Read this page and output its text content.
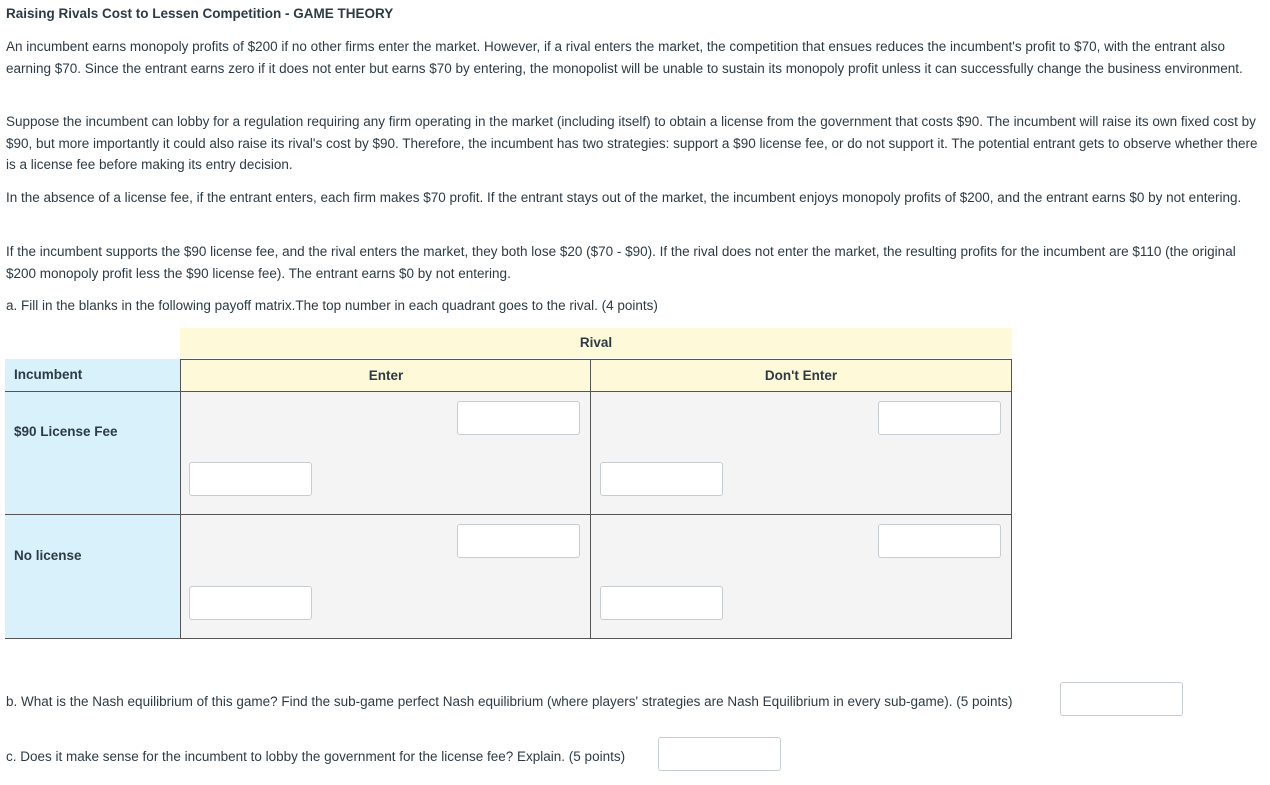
Raising Rivals Cost to Lessen Competition - GAME THEORY

An incumbent earns monopoly profits of $200 if no other firms enter the market. However, if a rival enters the market, the competition that ensues reduces the incumbent's profit to $70, with the entrant also earning $70. Since the entrant earns zero if it does not enter but earns $70 by entering, the monopolist will be unable to sustain its monopoly profit unless it can successfully change the business environment.

Suppose the incumbent can lobby for a regulation requiring any firm operating in the market (including itself) to obtain a license from the government that costs $90. The incumbent will raise its own fixed cost by $90, but more importantly it could also raise its rival's cost by $90. Therefore, the incumbent has two strategies: support a $90 license fee, or do not support it. The potential entrant gets to observe whether there is a license fee before making its entry decision.

In the absence of a license fee, if the entrant enters, each firm makes $70 profit. If the entrant stays out of the market, the incumbent enjoys monopoly profits of $200, and the entrant earns $0 by not entering.

If the incumbent supports the $90 license fee, and the rival enters the market, they both lose $20 ($70 - $90). If the rival does not enter the market, the resulting profits for the incumbent are $110 (the original $200 monopoly profit less the $90 license fee). The entrant earns $0 by not entering.

a. Fill in the blanks in the following payoff matrix.The top number in each quadrant goes to the rival. (4 points)

Rival
Incumbent	Enter	Don't Enter
$90 License Fee
No license
b. What is the Nash equilibrium of this game? Find the sub-game perfect Nash equilibrium (where players' strategies are Nash Equilibrium in every sub-game). (5 points)
c. Does it make sense for the incumbent to lobby the government for the license fee? Explain. (5 points)
